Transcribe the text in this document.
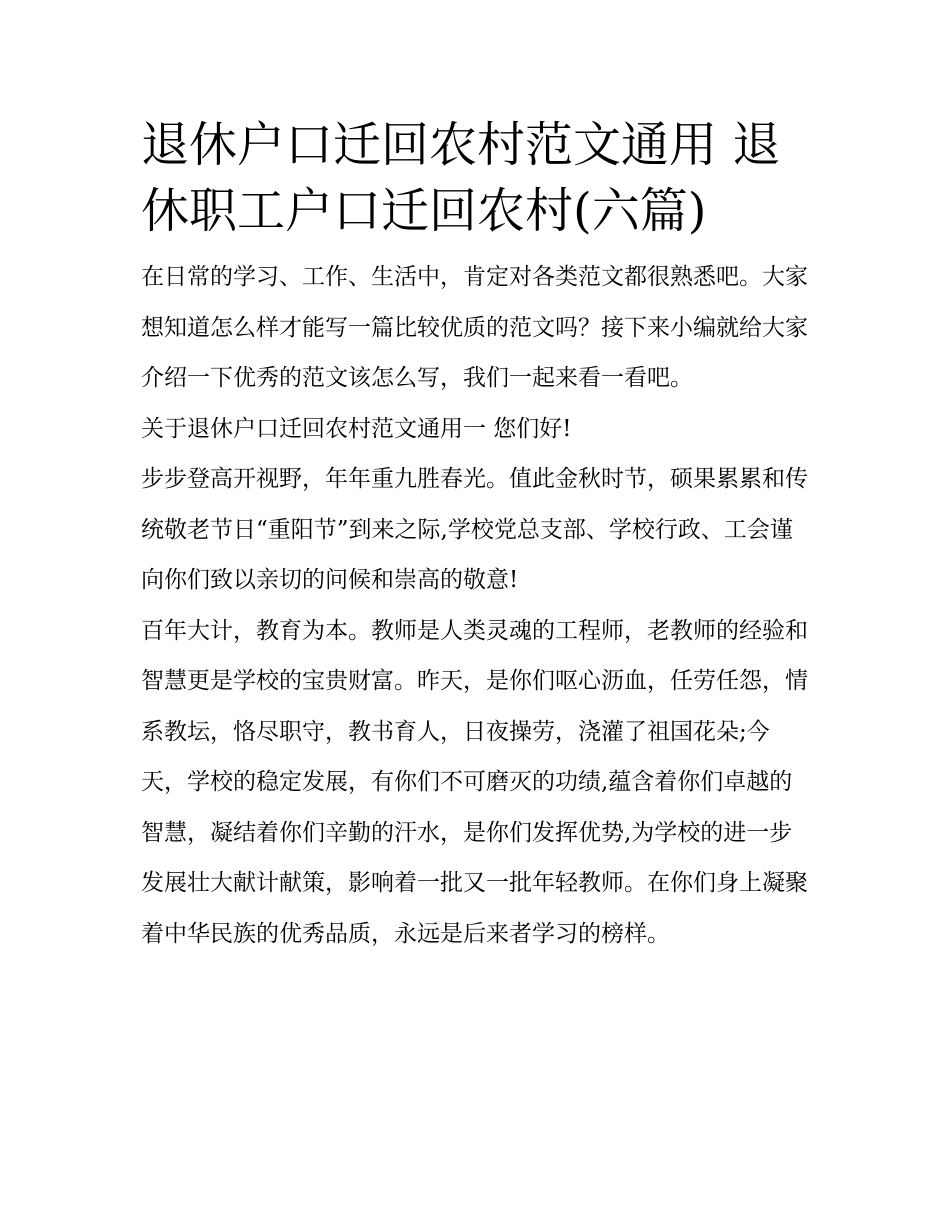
退休户口迁回农村范文通用 退
休职工户口迁回农村(六篇)

在日常的学习、工作、生活中，肯定对各类范文都很熟悉吧。大家想知道怎么样才能写一篇比较优质的范文吗？接下来小编就给大家介绍一下优秀的范文该怎么写，我们一起来看一看吧。

关于退休户口迁回农村范文通用一 您们好!

步步登高开视野，年年重九胜春光。值此金秋时节，硕果累累和传统敬老节日“重阳节”到来之际,学校党总支部、学校行政、工会谨向你们致以亲切的问候和崇高的敬意!

百年大计，教育为本。教师是人类灵魂的工程师，老教师的经验和智慧更是学校的宝贵财富。昨天，是你们呕心沥血，任劳任怨，情系教坛，恪尽职守，教书育人，日夜操劳，浇灌了祖国花朵;今天，学校的稳定发展，有你们不可磨灭的功绩,蕴含着你们卓越的智慧，凝结着你们辛勤的汗水，是你们发挥优势,为学校的进一步发展壮大献计献策，影响着一批又一批年轻教师。在你们身上凝聚着中华民族的优秀品质，永远是后来者学习的榜样。
